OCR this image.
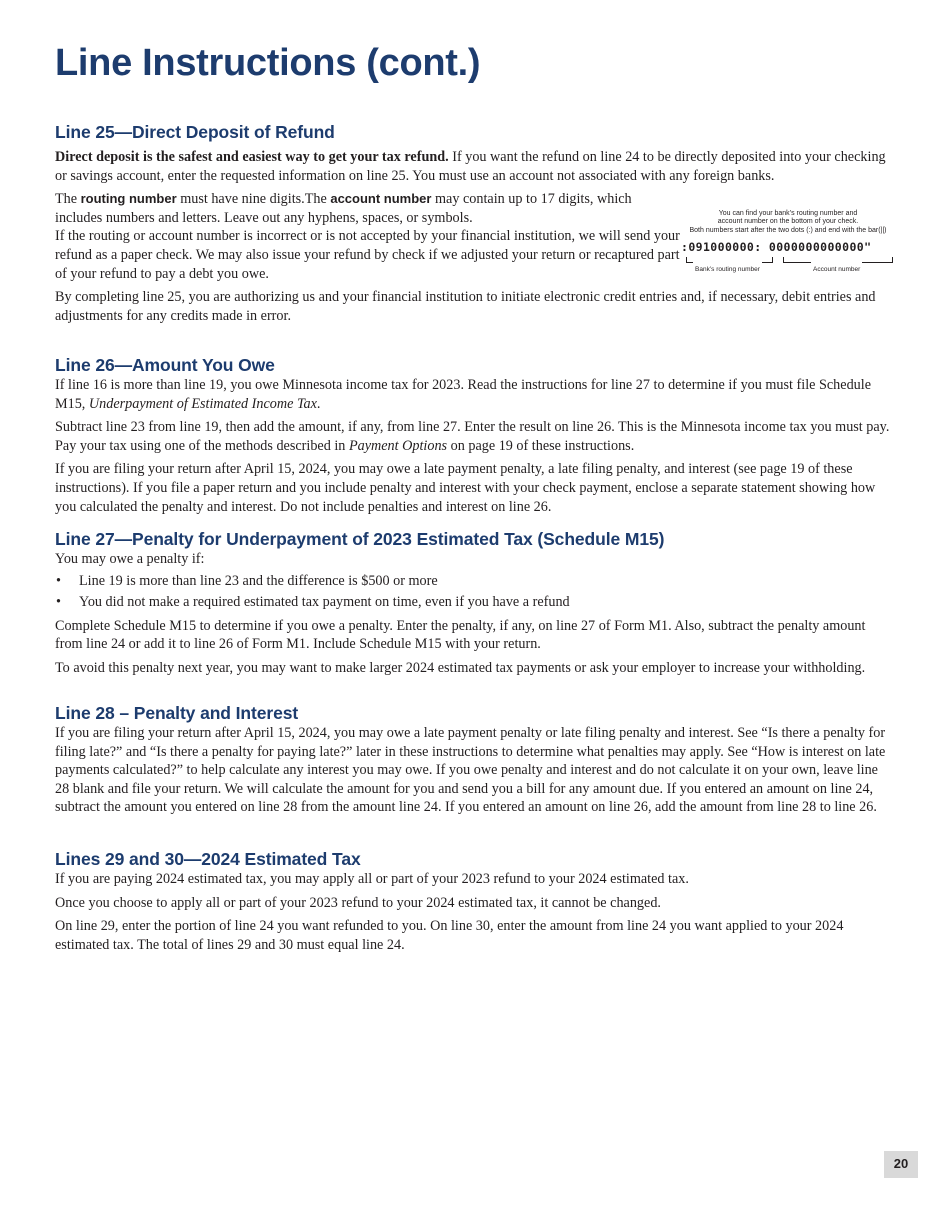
Line Instructions (cont.)
Line 25—Direct Deposit of Refund

Direct deposit is the safest and easiest way to get your tax refund. If you want the refund on line 24 to be directly deposited into your checking or savings account, enter the requested information on line 25. You must use an account not associated with any foreign banks.

The routing number must have nine digits.The account number may contain up to 17 digits, which includes numbers and letters. Leave out any hyphens, spaces, or symbols.

If the routing or account number is incorrect or is not accepted by your financial institution, we will send your refund as a paper check. We may also issue your refund by check if we adjusted your return or recaptured part of your refund to pay a debt you owe.

By completing line 25, you are authorizing us and your financial institution to initiate electronic credit entries and, if necessary, debit entries and adjustments for any credits made in error.

You can find your bank’s routing number and
account number on the bottom of your check.
Both numbers start after the two dots (:) and end with the bar(||)
:091000000: 0000000000000"
Bank’s routing number	Account number
Line 26—Amount You Owe

If line 16 is more than line 19, you owe Minnesota income tax for 2023. Read the instructions for line 27 to determine if you must file Schedule M15, Underpayment of Estimated Income Tax.

Subtract line 23 from line 19, then add the amount, if any, from line 27. Enter the result on line 26. This is the Minnesota income tax you must pay. Pay your tax using one of the methods described in Payment Options on page 19 of these instructions.

If you are filing your return after April 15, 2024, you may owe a late payment penalty, a late filing penalty, and interest (see page 19 of these instructions). If you file a paper return and you include penalty and interest with your check payment, enclose a separate statement showing how you calculated the penalty and interest. Do not include penalties and interest on line 26.

Line 27—Penalty for Underpayment of 2023 Estimated Tax (Schedule M15)

You may owe a penalty if:

• Line 19 is more than line 23 and the difference is $500 or more
• You did not make a required estimated tax payment on time, even if you have a refund

Complete Schedule M15 to determine if you owe a penalty. Enter the penalty, if any, on line 27 of Form M1. Also, subtract the penalty amount from line 24 or add it to line 26 of Form M1. Include Schedule M15 with your return.

To avoid this penalty next year, you may want to make larger 2024 estimated tax payments or ask your employer to increase your withholding.

Line 28 – Penalty and Interest

If you are filing your return after April 15, 2024, you may owe a late payment penalty or late filing penalty and interest. See “Is there a penalty for filing late?” and “Is there a penalty for paying late?” later in these instructions to determine what penalties may apply. See “How is interest on late payments calculated?” to help calculate any interest you may owe. If you owe penalty and interest and do not calculate it on your own, leave line 28 blank and file your return. We will calculate the amount for you and send you a bill for any amount due. If you entered an amount on line 24, subtract the amount you entered on line 28 from the amount line 24. If you entered an amount on line 26, add the amount from line 28 to line 26.

Lines 29 and 30—2024 Estimated Tax

If you are paying 2024 estimated tax, you may apply all or part of your 2023 refund to your 2024 estimated tax.

Once you choose to apply all or part of your 2023 refund to your 2024 estimated tax, it cannot be changed.

On line 29, enter the portion of line 24 you want refunded to you. On line 30, enter the amount from line 24 you want applied to your 2024 estimated tax. The total of lines 29 and 30 must equal line 24.

20
